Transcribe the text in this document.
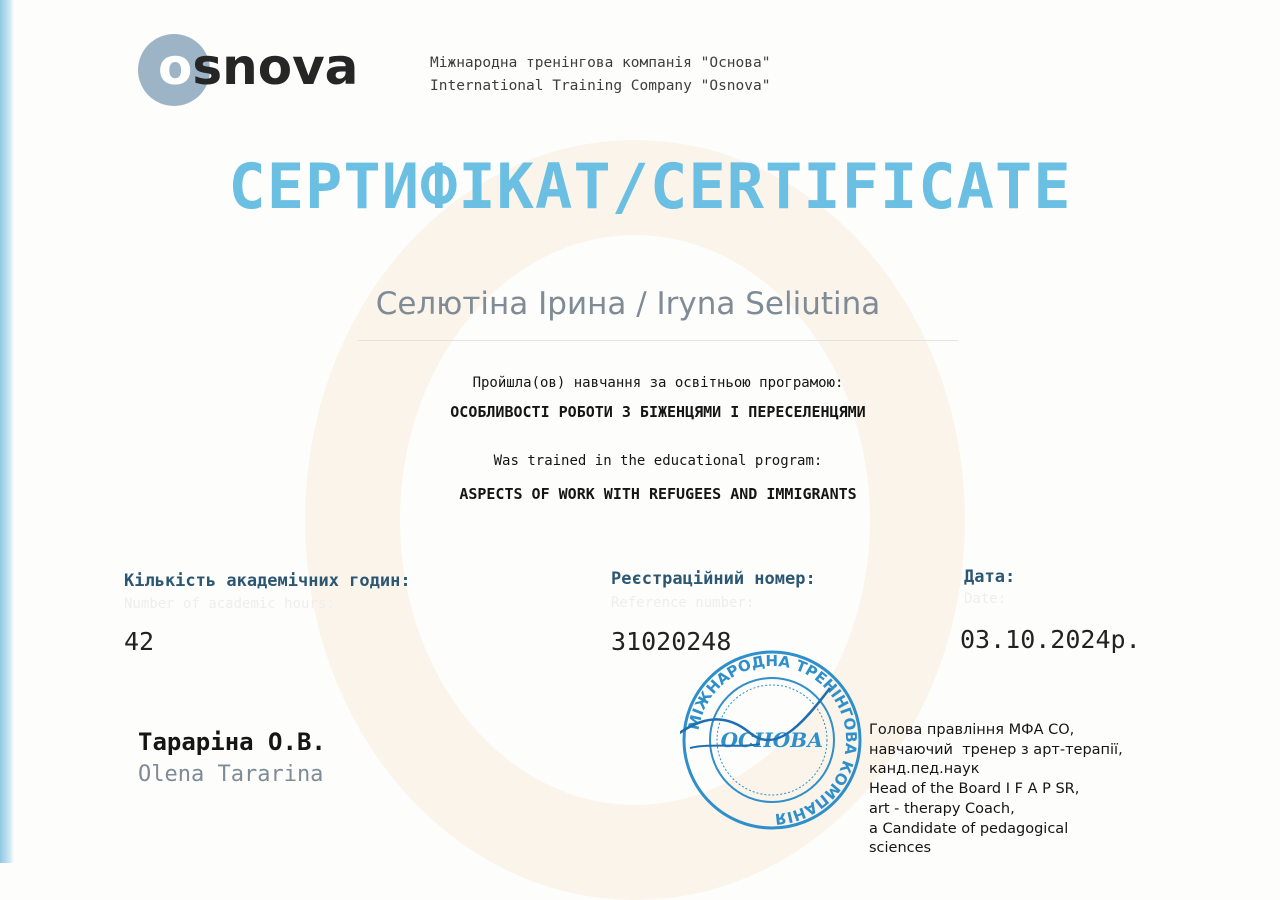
osnova	Міжнародна тренінгова компанія "Основа"
International Training Company "Osnova"
СЕРТИФІКАТ/CERTIFICATE
Селютіна Ірина / Iryna Seliutina
Пройшла(ов) навчання за освітньою програмою:
ОСОБЛИВОСТІ РОБОТИ З БІЖЕНЦЯМИ І ПЕРЕСЕЛЕНЦЯМИ
Was trained in the educational program:
ASPECTS OF WORK WITH REFUGEES AND IMMIGRANTS
Кількість академічних годин:
Number of academic hours:
42
Реєстраційний номер:
Reference number:
31020248
Дата:
Date:
03.10.2024р.
Тараріна О.В.
Olena Tararina
МІЖНАРОДНА ТРЕНІНГОВА КОМПАНІЯ
ОСНОВА	Голова правління МФА СО,
навчаючий  тренер з арт-терапії,
канд.пед.наук
Head of the Board I F A P SR,
art - therapy Coach,
a Candidate of pedagogical
sciences
